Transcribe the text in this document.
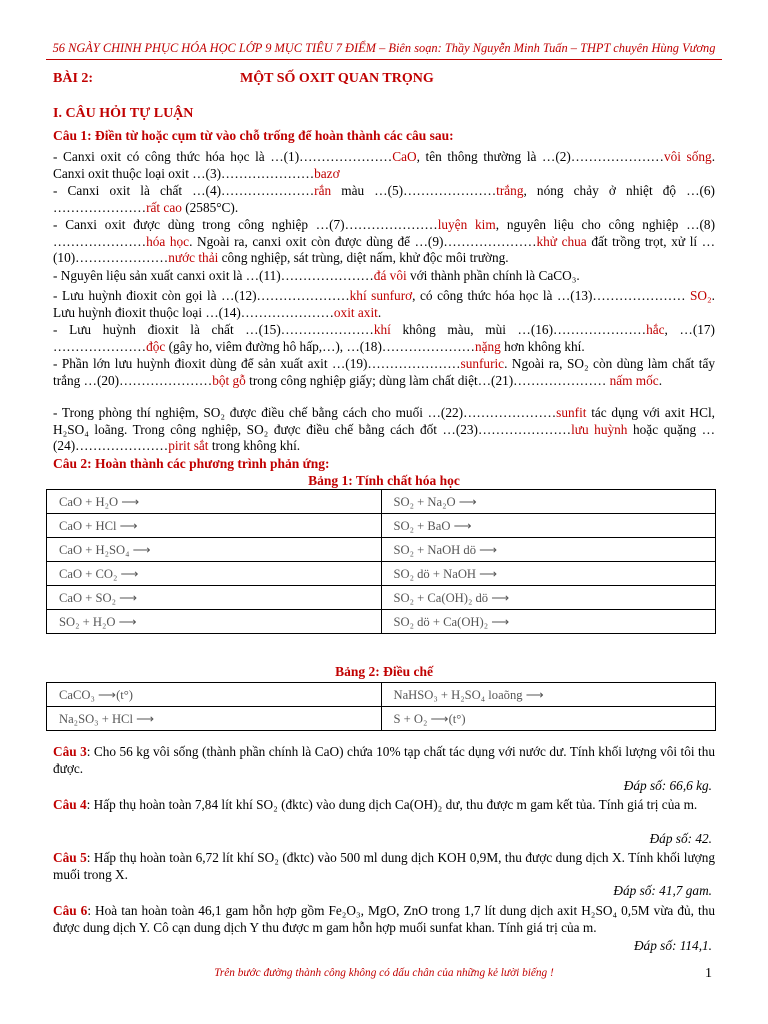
56 NGÀY CHINH PHỤC HÓA HỌC LỚP 9 MỤC TIÊU 7 ĐIỂM – Biên soạn: Thầy Nguyễn Minh Tuấn – THPT chuyên Hùng Vương
BÀI 2:	MỘT SỐ OXIT QUAN TRỌNG
I. CÂU HỎI TỰ LUẬN
Câu 1: Điền từ hoặc cụm từ vào chỗ trống để hoàn thành các câu sau:
- Canxi oxit có công thức hóa học là …(1)…………………CaO, tên thông thường là …(2)…………………vôi sống. Canxi oxit thuộc loại oxit …(3)…………………bazơ
- Canxi oxit là chất …(4)…………………rắn màu …(5)…………………trắng, nóng chảy ở nhiệt độ …(6) …………………rất cao (2585°C).
- Canxi oxit được dùng trong công nghiệp …(7)…………………luyện kim, nguyên liệu cho công nghiệp …(8) …………………hóa học. Ngoài ra, canxi oxit còn được dùng để …(9)…………………khử chua đất trồng trọt, xử lí …(10)…………………nước thải công nghiệp, sát trùng, diệt nấm, khử độc môi trường.
- Nguyên liệu sản xuất canxi oxit là …(11)…………………đá vôi với thành phần chính là CaCO₃.
- Lưu huỳnh đioxit còn gọi là …(12)…………………khí sunfurơ, có công thức hóa học là …(13)………………… SO₂. Lưu huỳnh đioxit thuộc loại …(14)…………………oxit axit.
- Lưu huỳnh đioxit là chất …(15)…………………khí không màu, mùi …(16)…………………hắc, …(17) …………………độc (gây ho, viêm đường hô hấp,…), …(18)…………………nặng hơn không khí.
- Phần lớn lưu huỳnh đioxit dùng để sản xuất axit …(19)…………………sunfuric. Ngoài ra, SO₂ còn dùng làm chất tẩy trắng …(20)…………………bột gỗ trong công nghiệp giấy; dùng làm chất diệt…(21)………………… nấm mốc.
- Trong phòng thí nghiệm, SO₂ được điều chế bằng cách cho muối …(22)…………………sunfit tác dụng với axit HCl, H₂SO₄ loãng. Trong công nghiệp, SO₂ được điều chế bằng cách đốt …(23)…………………lưu huỳnh hoặc quặng …(24)…………………pirit sắt trong không khí.
Câu 2: Hoàn thành các phương trình phản ứng:
Bảng 1: Tính chất hóa học
CaO + H₂O ⟶	SO₂ + Na₂O ⟶
CaO + HCl ⟶	SO₂ + BaO ⟶
CaO + H₂SO₄ ⟶	SO₂ + NaOH dö ⟶
CaO + CO₂ ⟶	SO₂ dö + NaOH ⟶
CaO + SO₂ ⟶	SO₂ + Ca(OH)₂ dö ⟶
SO₂ + H₂O ⟶	SO₂ dö + Ca(OH)₂ ⟶
Bảng 2: Điều chế
CaCO₃ ⟶(t°)	NaHSO₃ + H₂SO₄ loaõng ⟶
Na₂SO₃ + HCl ⟶	S + O₂ ⟶(t°)
Câu 3: Cho 56 kg vôi sống (thành phần chính là CaO) chứa 10% tạp chất tác dụng với nước dư. Tính khối lượng vôi tôi thu được.
Đáp số: 66,6 kg.
Câu 4: Hấp thụ hoàn toàn 7,84 lít khí SO₂ (đktc) vào dung dịch Ca(OH)₂ dư, thu được m gam kết tủa. Tính giá trị của m.
Đáp số: 42.
Câu 5: Hấp thụ hoàn toàn 6,72 lít khí SO₂ (đktc) vào 500 ml dung dịch KOH 0,9M, thu được dung dịch X. Tính khối lượng muối trong X.
Đáp số: 41,7 gam.
Câu 6: Hoà tan hoàn toàn 46,1 gam hỗn hợp gồm Fe₂O₃, MgO, ZnO trong 1,7 lít dung dịch axit H₂SO₄ 0,5M vừa đủ, thu được dung dịch Y. Cô cạn dung dịch Y thu được m gam hỗn hợp muối sunfat khan. Tính giá trị của m.
Đáp số: 114,1.
Trên bước đường thành công không có dấu chân của những kẻ lười biếng !	1
